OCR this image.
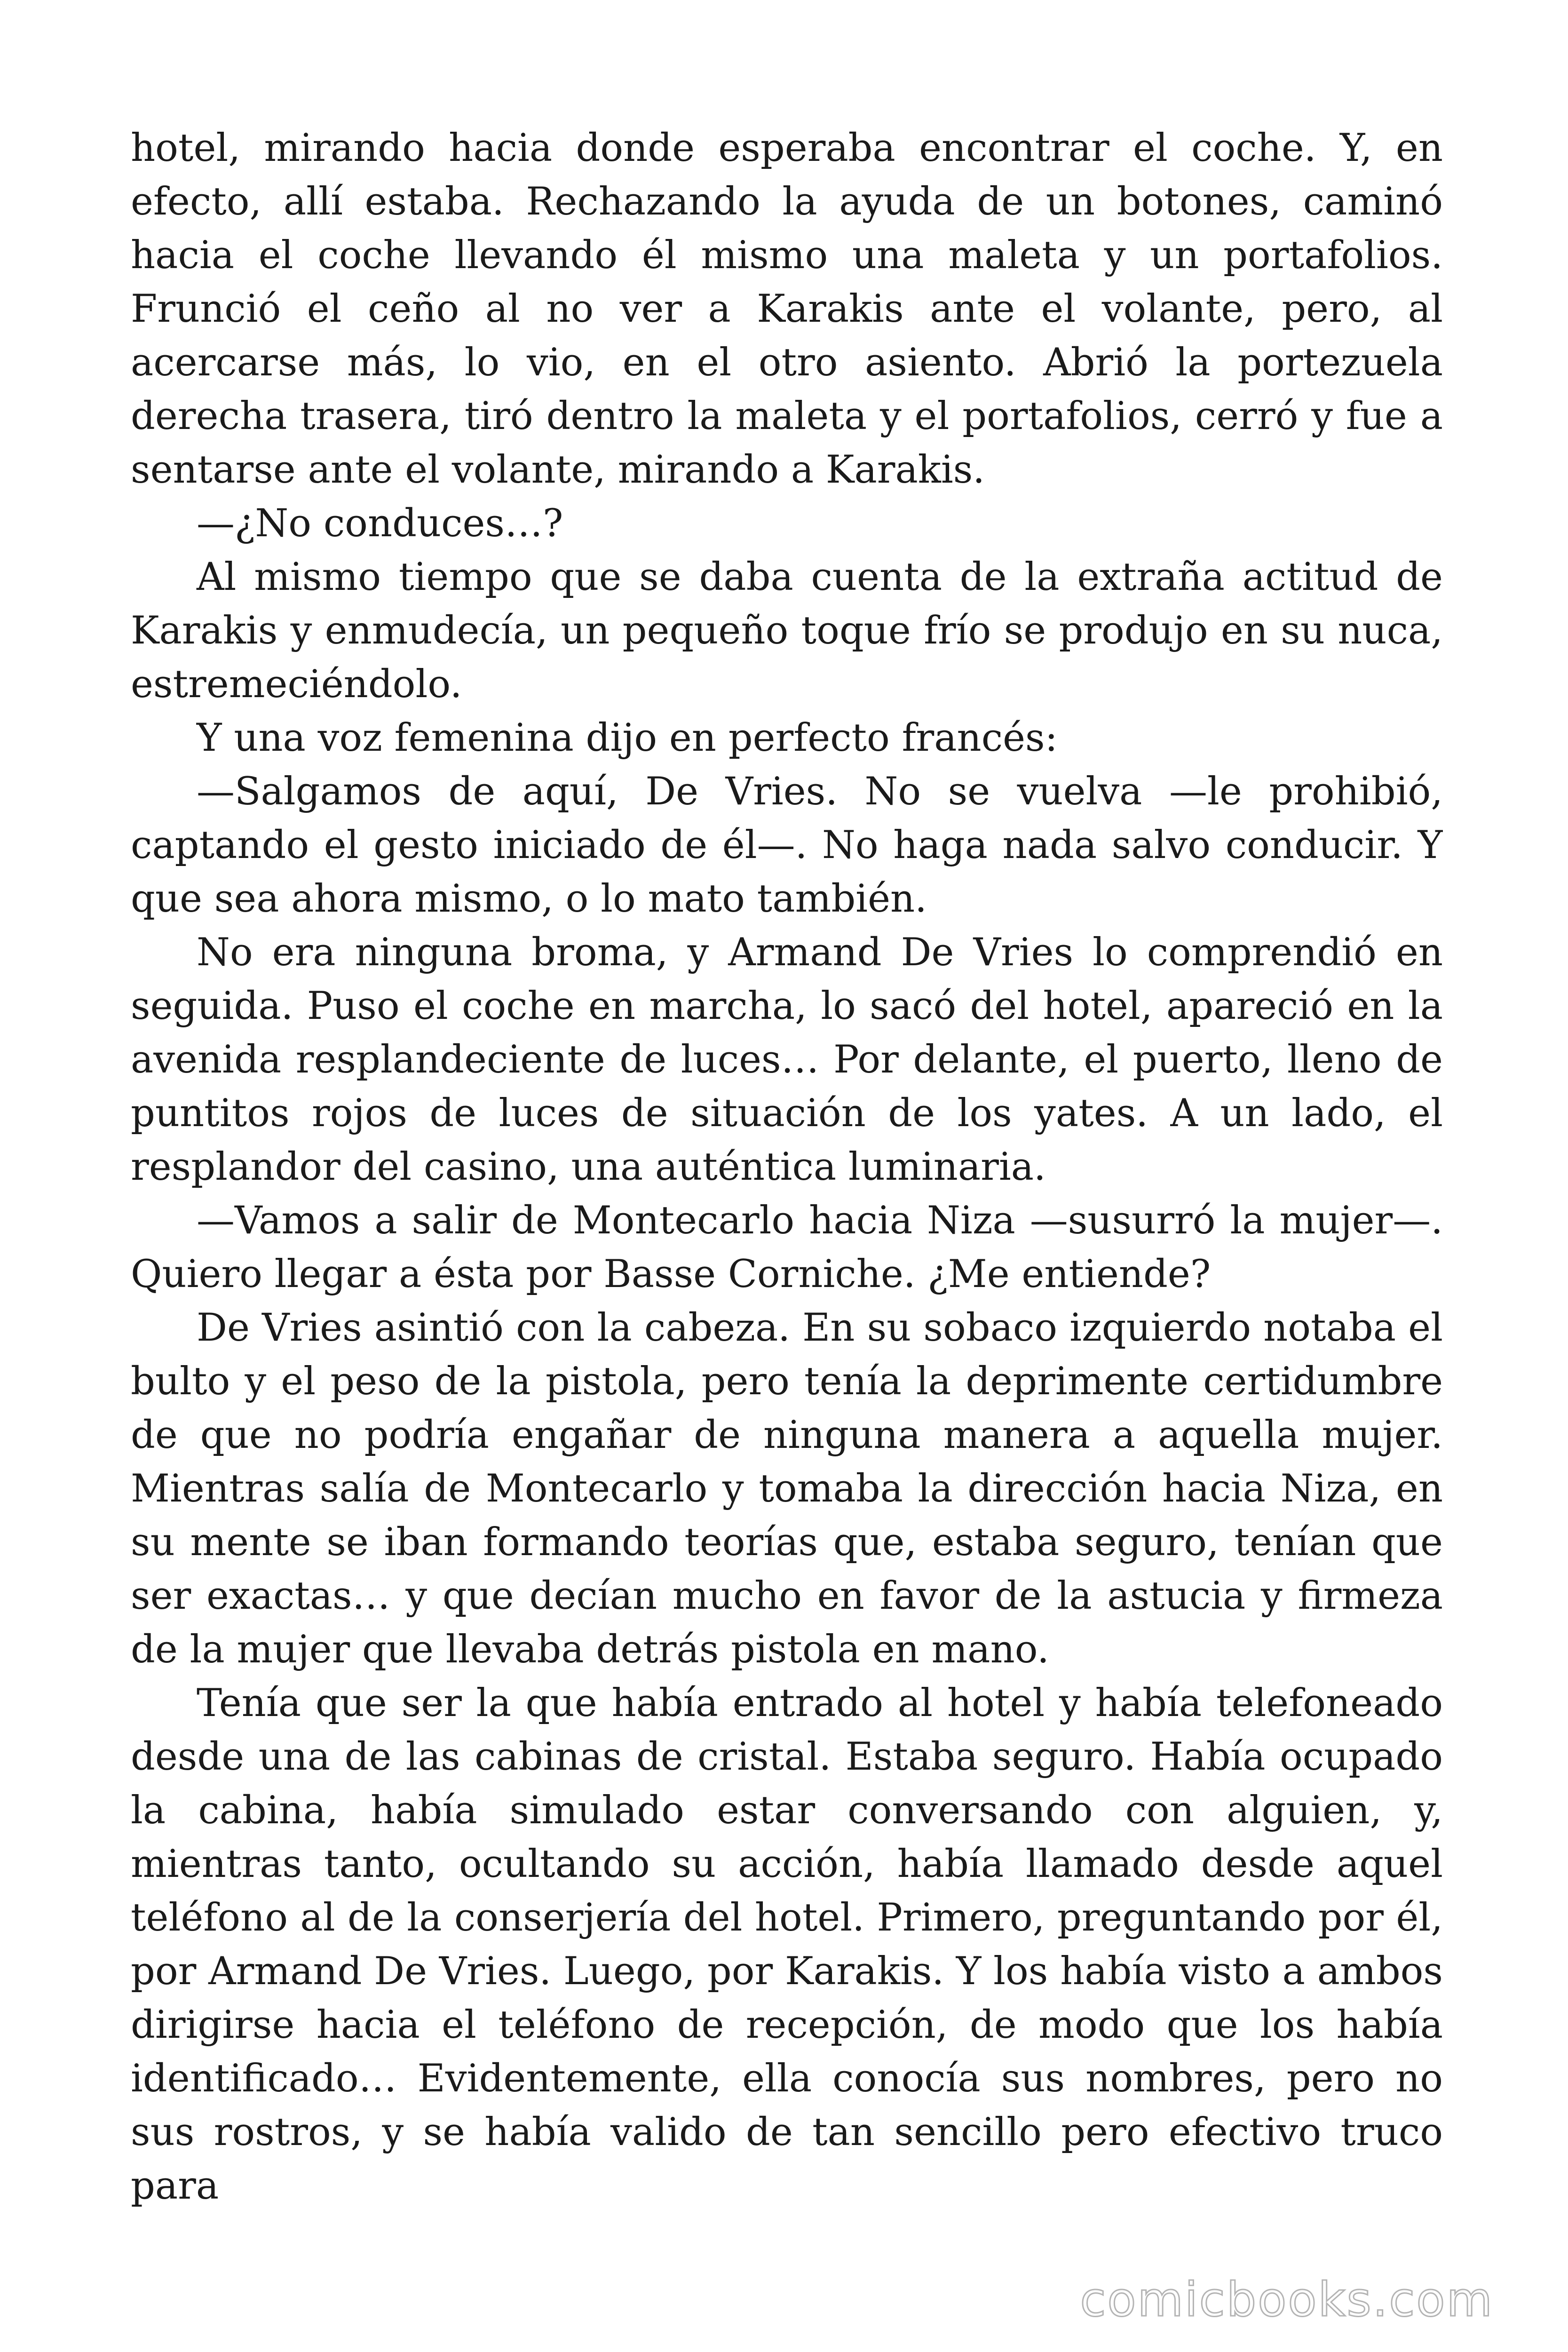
hotel, mirando hacia donde esperaba encontrar el coche. Y, en efecto, allí estaba. Rechazando la ayuda de un botones, caminó hacia el coche llevando él mismo una maleta y un portafolios. Frunció el ceño al no ver a Karakis ante el volante, pero, al acercarse más, lo vio, en el otro asiento. Abrió la portezuela derecha trasera, tiró dentro la maleta y el portafolios, cerró y fue a sentarse ante el volante, mirando a Karakis.

—¿No conduces…?

Al mismo tiempo que se daba cuenta de la extraña actitud de Karakis y enmudecía, un pequeño toque frío se produjo en su nuca, estremeciéndolo.

Y una voz femenina dijo en perfecto francés:

—Salgamos de aquí, De Vries. No se vuelva —le prohibió, captando el gesto iniciado de él—. No haga nada salvo conducir. Y que sea ahora mismo, o lo mato también.

No era ninguna broma, y Armand De Vries lo comprendió en seguida. Puso el coche en marcha, lo sacó del hotel, apareció en la avenida resplandeciente de luces… Por delante, el puerto, lleno de puntitos rojos de luces de situación de los yates. A un lado, el resplandor del casino, una auténtica luminaria.

—Vamos a salir de Montecarlo hacia Niza —susurró la mujer—. Quiero llegar a ésta por Basse Corniche. ¿Me entiende?

De Vries asintió con la cabeza. En su sobaco izquierdo notaba el bulto y el peso de la pistola, pero tenía la deprimente certidumbre de que no podría engañar de ninguna manera a aquella mujer. Mientras salía de Montecarlo y tomaba la dirección hacia Niza, en su mente se iban formando teorías que, estaba seguro, tenían que ser exactas… y que decían mucho en favor de la astucia y firmeza de la mujer que llevaba detrás pistola en mano.

Tenía que ser la que había entrado al hotel y había telefoneado desde una de las cabinas de cristal. Estaba seguro. Había ocupado la cabina, había simulado estar conversando con alguien, y, mientras tanto, ocultando su acción, había llamado desde aquel teléfono al de la conserjería del hotel. Primero, preguntando por él, por Armand De Vries. Luego, por Karakis. Y los había visto a ambos dirigirse hacia el teléfono de recepción, de modo que los había identificado… Evidentemente, ella conocía sus nombres, pero no sus rostros, y se había valido de tan sencillo pero efectivo truco para

comicbooks.com
